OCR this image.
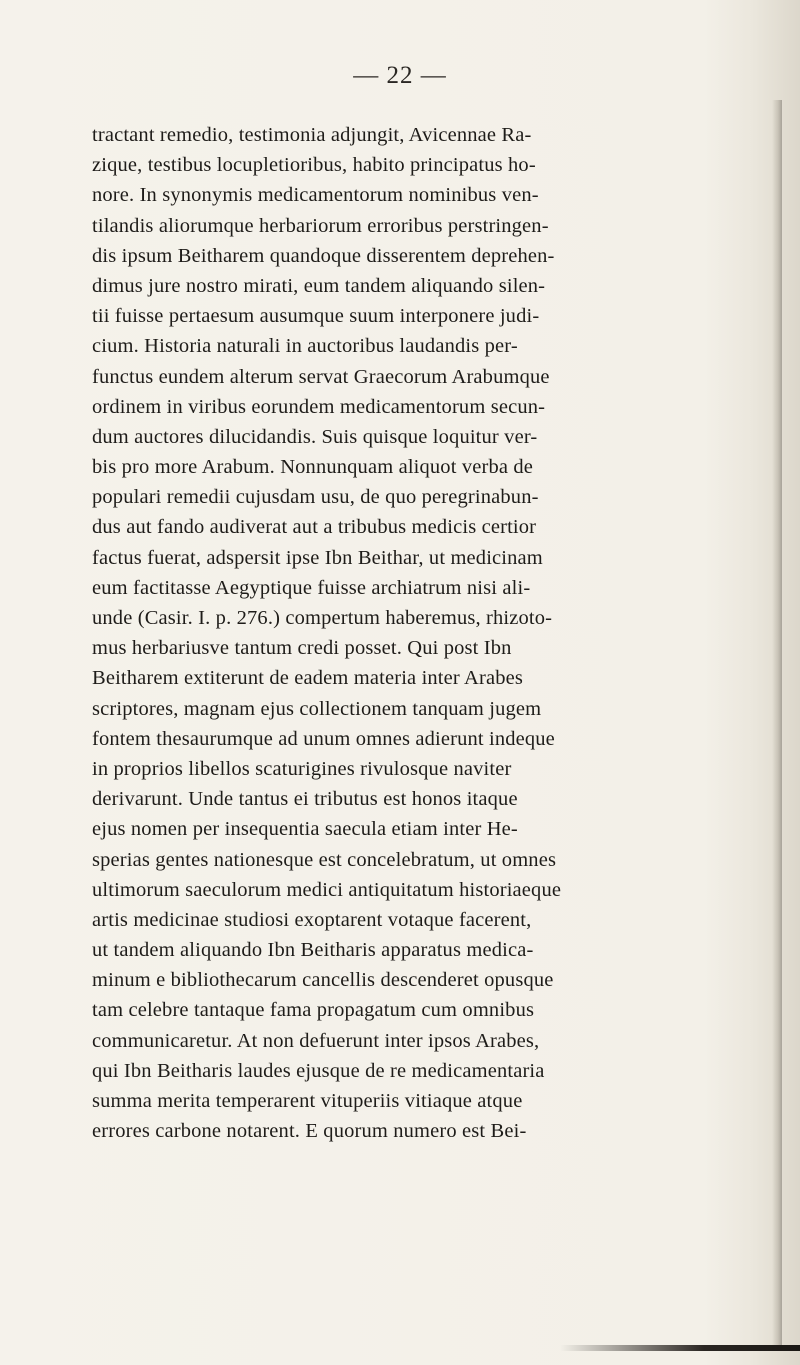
— 22 —
tractant remedio, testimonia adjungit, Avicennae Ra-
zique, testibus locupletioribus, habito principatus ho-
nore. In synonymis medicamentorum nominibus ven-
tilandis aliorumque herbariorum erroribus perstringen-
dis ipsum Beitharem quandoque disserentem deprehen-
dimus jure nostro mirati, eum tandem aliquando silen-
tii fuisse pertaesum ausumque suum interponere judi-
cium. Historia naturali in auctoribus laudandis per-
functus eundem alterum servat Graecorum Arabumque
ordinem in viribus eorundem medicamentorum secun-
dum auctores dilucidandis. Suis quisque loquitur ver-
bis pro more Arabum. Nonnunquam aliquot verba de
populari remedii cujusdam usu, de quo peregrinabun-
dus aut fando audiverat aut a tribubus medicis certior
factus fuerat, adspersit ipse Ibn Beithar, ut medicinam
eum factitasse Aegyptique fuisse archiatrum nisi ali-
unde (Casir. I. p. 276.) compertum haberemus, rhizoto-
mus herbariusve tantum credi posset. Qui post Ibn
Beitharem extiterunt de eadem materia inter Arabes
scriptores, magnam ejus collectionem tanquam jugem
fontem thesaurumque ad unum omnes adierunt indeque
in proprios libellos scaturigines rivulosque naviter
derivarunt. Unde tantus ei tributus est honos itaque
ejus nomen per insequentia saecula etiam inter He-
sperias gentes nationesque est concelebratum, ut omnes
ultimorum saeculorum medici antiquitatum historiaeque
artis medicinae studiosi exoptarent votaque facerent,
ut tandem aliquando Ibn Beitharis apparatus medica-
minum e bibliothecarum cancellis descenderet opusque
tam celebre tantaque fama propagatum cum omnibus
communicaretur. At non defuerunt inter ipsos Arabes,
qui Ibn Beitharis laudes ejusque de re medicamentaria
summa merita temperarent vituperiis vitiaque atque
errores carbone notarent. E quorum numero est Bei-
